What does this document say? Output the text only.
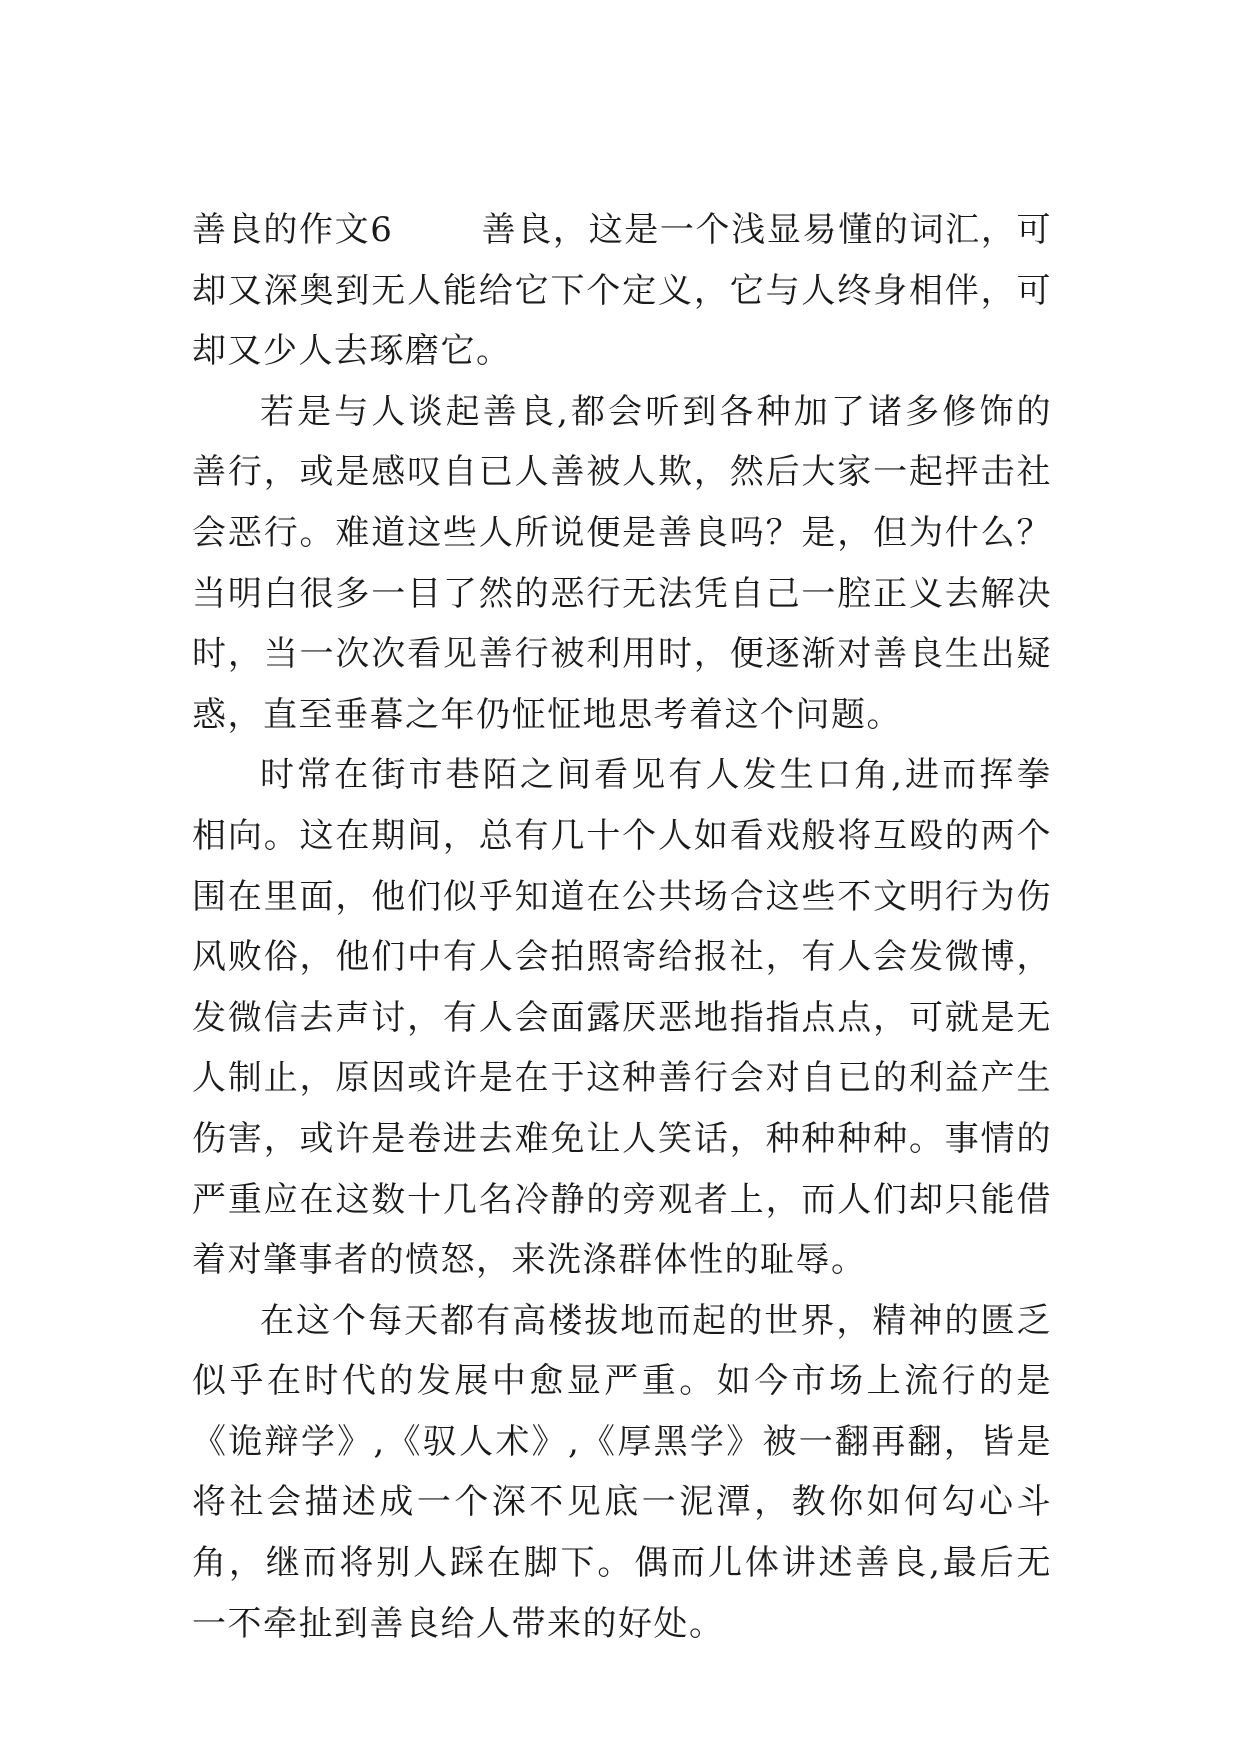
善良的作文6	善良，这是一个浅显易懂的词汇，可却又深奥到无人能给它下个定义，它与人终身相伴，可却又少人去琢磨它。

若是与人谈起善良,都会听到各种加了诸多修饰的善行，或是感叹自已人善被人欺，然后大家一起抨击社会恶行。难道这些人所说便是善良吗？是，但为什么？当明白很多一目了然的恶行无法凭自己一腔正义去解决时，当一次次看见善行被利用时，便逐渐对善良生出疑惑，直至垂暮之年仍怔怔地思考着这个问题。

时常在街市巷陌之间看见有人发生口角,进而挥拳相向。这在期间，总有几十个人如看戏般将互殴的两个围在里面，他们似乎知道在公共场合这些不文明行为伤风败俗，他们中有人会拍照寄给报社，有人会发微博，发微信去声讨，有人会面露厌恶地指指点点，可就是无人制止，原因或许是在于这种善行会对自已的利益产生伤害，或许是卷进去难免让人笑话，种种种种。事情的严重应在这数十几名冷静的旁观者上，而人们却只能借着对肇事者的愤怒，来洗涤群体性的耻辱。

在这个每天都有高楼拔地而起的世界，精神的匮乏似乎在时代的发展中愈显严重。如今市场上流行的是《诡辩学》,《驭人术》,《厚黑学》被一翻再翻，皆是将社会描述成一个深不见底一泥潭，教你如何勾心斗角，继而将别人踩在脚下。偶而儿体讲述善良,最后无一不牵扯到善良给人带来的好处。
